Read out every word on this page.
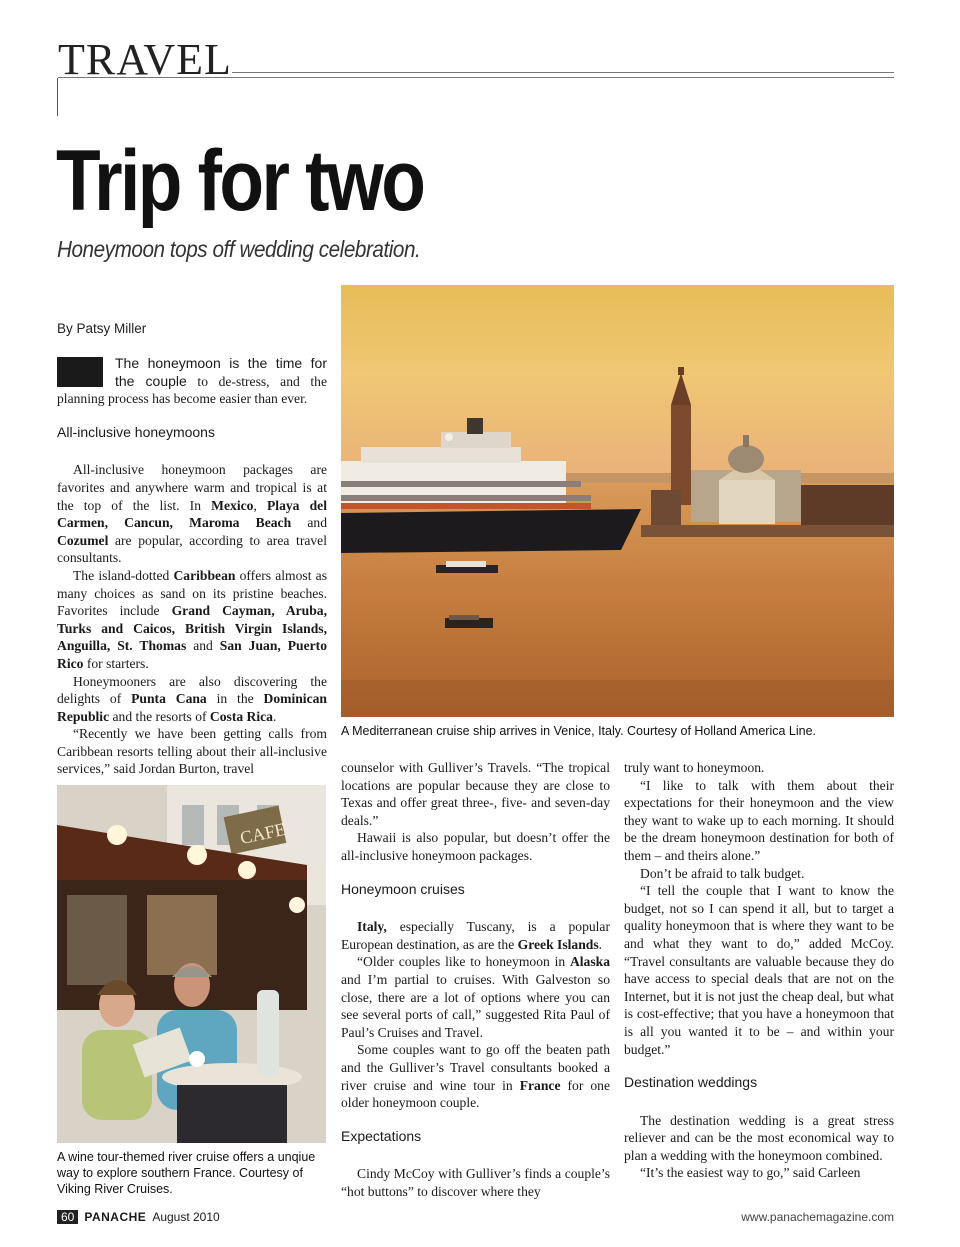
TRAVEL
Trip for two
Honeymoon tops off wedding celebration.
By Patsy Miller
A Mediterranean cruise ship arrives in Venice, Italy. Courtesy of Holland America Line.
CAFE
A wine tour-themed river cruise offers a unqiue way to explore southern France. Courtesy of Viking River Cruises.

The honeymoon is the time for the couple to de-stress, and the planning process has become easier than ever.

All-inclusive honeymoons

All-inclusive honeymoon packages are favorites and anywhere warm and tropical is at the top of the list. In Mexico, Playa del Carmen, Cancun, Maroma Beach and Cozumel are popular, according to area travel consultants.

The island-dotted Caribbean offers almost as many choices as sand on its pristine beaches. Favorites include Grand Cayman, Aruba, Turks and Caicos, British Virgin Islands, Anguilla, St. Thomas and San Juan, Puerto Rico for starters.

Honeymooners are also discovering the delights of Punta Cana in the Dominican Republic and the resorts of Costa Rica.

“Recently we have been getting calls from Caribbean resorts telling about their all-inclusive services,” said Jordan Burton, travel	counselor with Gulliver’s Travels. “The tropical locations are popular because they are close to Texas and offer great three-, five- and seven-day deals.”

Hawaii is also popular, but doesn’t offer the all-inclusive honeymoon packages.

Honeymoon cruises

Italy, especially Tuscany, is a popular European destination, as are the Greek Islands.

“Older couples like to honeymoon in Alaska and I’m partial to cruises. With Galveston so close, there are a lot of options where you can see several ports of call,” suggested Rita Paul of Paul’s Cruises and Travel.

Some couples want to go off the beaten path and the Gulliver’s Travel consultants booked a river cruise and wine tour in France for one older honeymoon couple.

Expectations

Cindy McCoy with Gulliver’s finds a couple’s “hot buttons” to discover where they

truly want to honeymoon.

“I like to talk with them about their expectations for their honeymoon and the view they want to wake up to each morning. It should be the dream honeymoon destination for both of them – and theirs alone.”

Don’t be afraid to talk budget.

“I tell the couple that I want to know the budget, not so I can spend it all, but to target a quality honeymoon that is where they want to be and what they want to do,” added McCoy. “Travel consultants are valuable because they do have access to special deals that are not on the Internet, but it is not just the cheap deal, but what is cost-effective; that you have a honeymoon that is all you wanted it to be – and within your budget.”

Destination weddings

The destination wedding is a great stress reliever and can be the most economical way to plan a wedding with the honeymoon combined.

“It’s the easiest way to go,” said Carleen

60 PANACHE August 2010	www.panachemagazine.com
